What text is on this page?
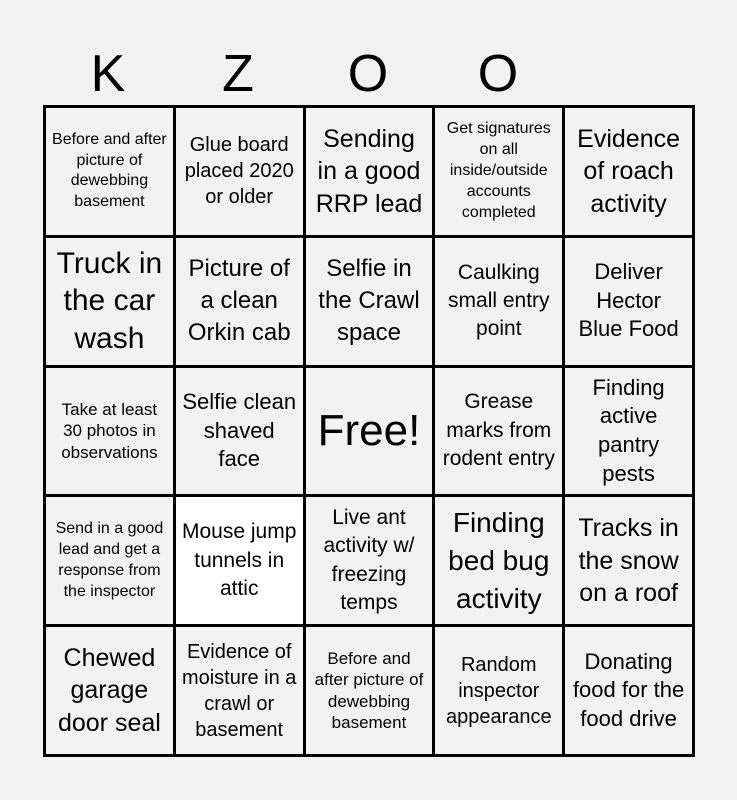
K	Z	O	O
Before and after picture of dewebbing basement
Glue board placed 2020 or older
Sending in a good RRP lead
Get signatures on all inside/outside accounts completed
Evidence of roach activity
Truck in the car wash
Picture of a clean Orkin cab
Selfie in the Crawl space
Caulking small entry point
Deliver Hector Blue Food
Take at least 30 photos in observations
Selfie clean shaved face
Free!
Grease marks from rodent entry
Finding active pantry pests
Send in a good lead and get a response from the inspector
Mouse jump tunnels in attic
Live ant activity w/ freezing temps
Finding bed bug activity
Tracks in the snow on a roof
Chewed garage door seal
Evidence of moisture in a crawl or basement
Before and after picture of dewebbing basement
Random inspector appearance
Donating food for the food drive
